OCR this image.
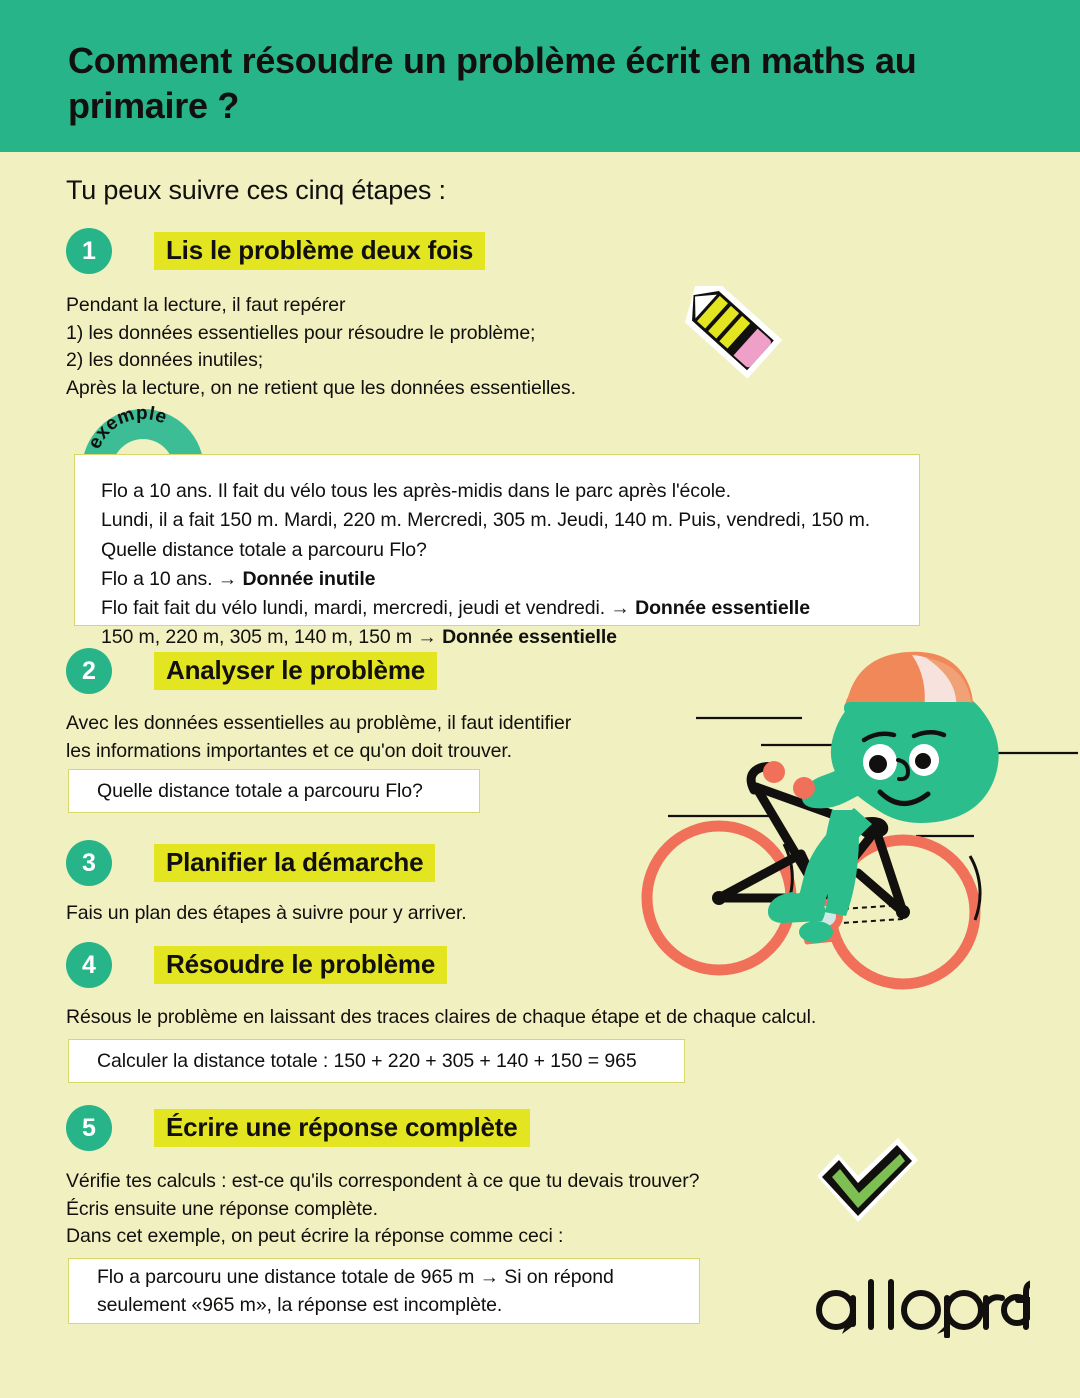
Comment résoudre un problème écrit en maths au primaire ?
Tu peux suivre ces cinq étapes :
1	Lis le problème deux fois
Pendant la lecture, il faut repérer
1) les données essentielles pour résoudre le problème;
2) les données inutiles;
Après la lecture, on ne retient que les données essentielles.
exemple
Flo a 10 ans. Il fait du vélo tous les après-midis dans le parc après l'école.
Lundi, il a fait 150 m. Mardi, 220 m. Mercredi, 305 m. Jeudi, 140 m. Puis, vendredi, 150 m.
Quelle distance totale a parcouru Flo?
Flo a 10 ans. → Donnée inutile
Flo fait fait du vélo lundi, mardi, mercredi, jeudi et vendredi. → Donnée essentielle
150 m, 220 m, 305 m, 140 m, 150 m → Donnée essentielle
2	Analyser le problème
Avec les données essentielles au problème, il faut identifier
les informations importantes et ce qu'on doit trouver.
Quelle distance totale a parcouru Flo?
3	Planifier la démarche
Fais un plan des étapes à suivre pour y arriver.
4	Résoudre le problème
Résous le problème en laissant des traces claires de chaque étape et de chaque calcul.
Calculer la distance totale : 150 + 220 + 305 + 140 + 150 = 965
5	Écrire une réponse complète
Vérifie tes calculs : est-ce qu'ils correspondent à ce que tu devais trouver?
Écris ensuite une réponse complète.
Dans cet exemple, on peut écrire la réponse comme ceci :
Flo a parcouru une distance totale de 965 m → Si on répond
seulement «965 m», la réponse est incomplète.
